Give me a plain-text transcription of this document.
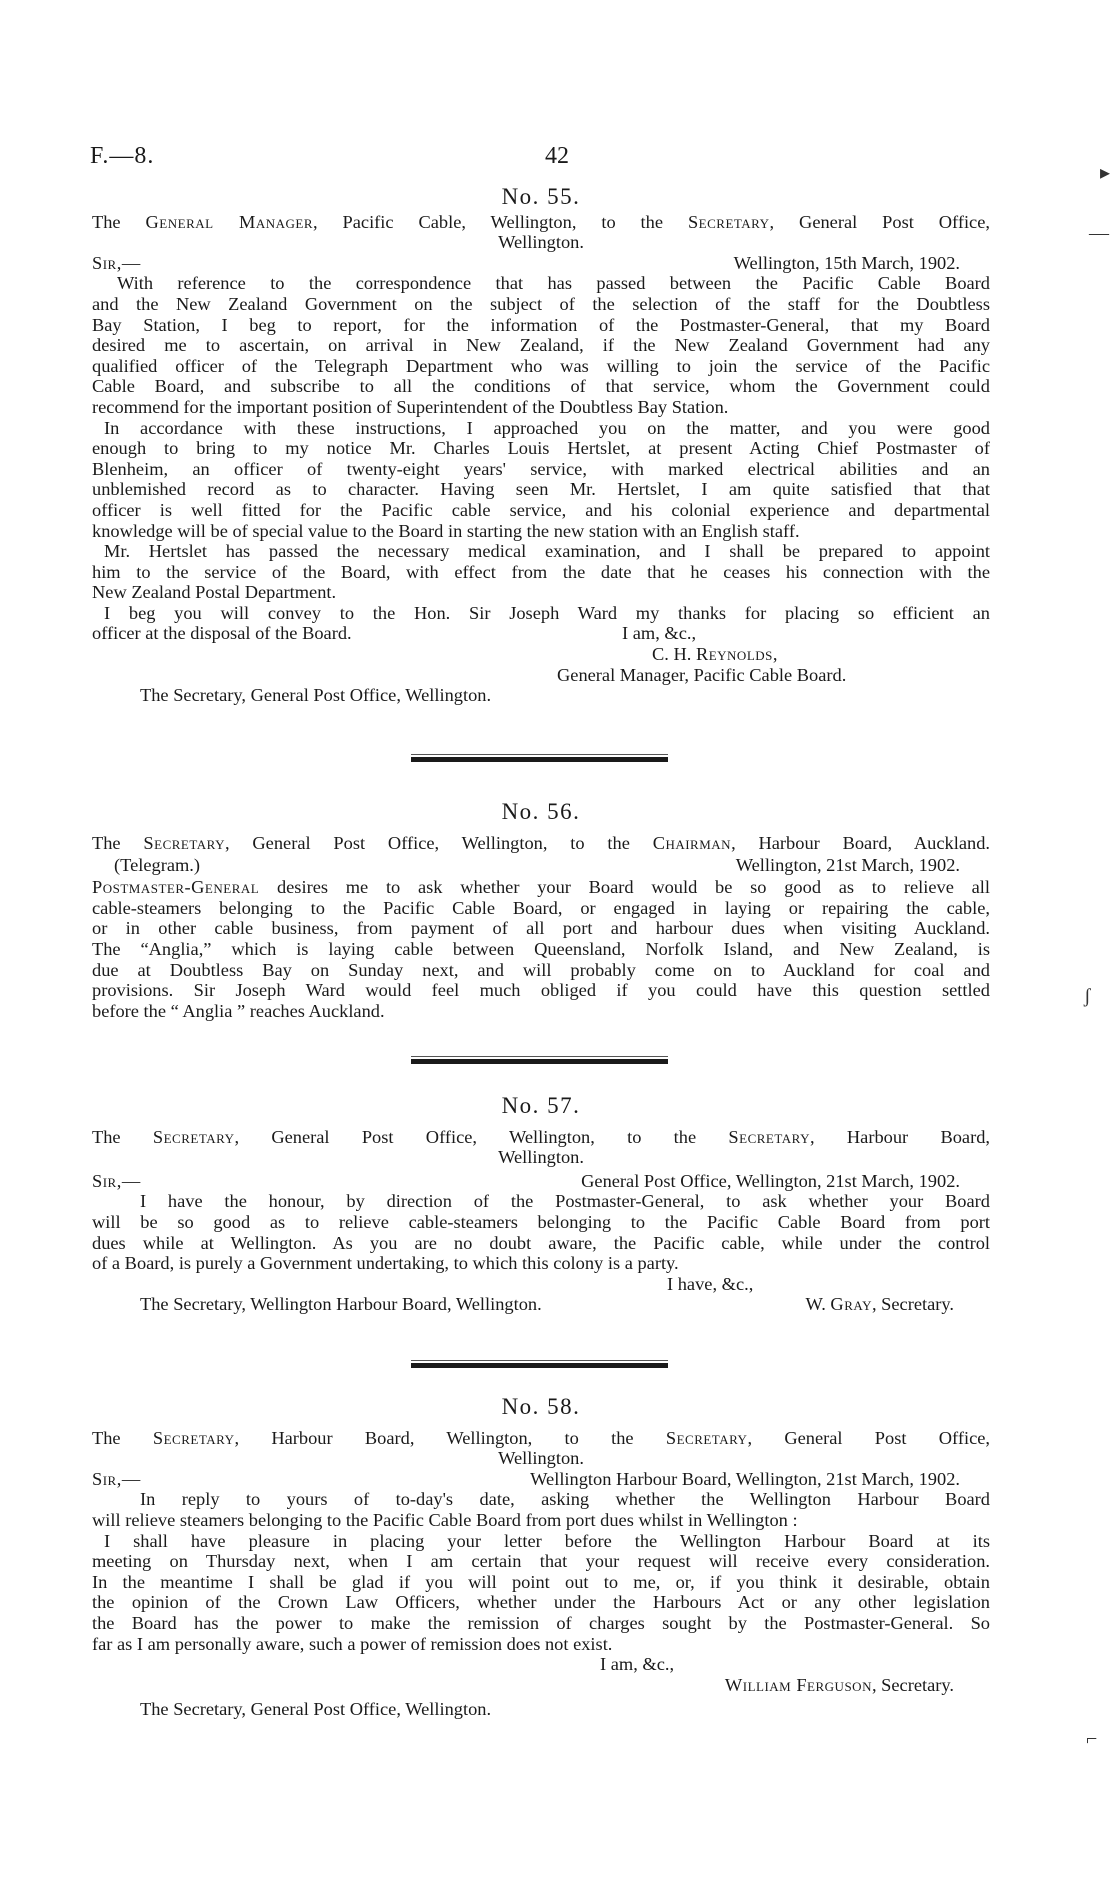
F.—8.	42
▸
—
ʃ
⌐
No. 55.
The General Manager, Pacific Cable, Wellington, to the Secretary, General Post Office,
Wellington.
Sir,—	Wellington, 15th March, 1902.
With reference to the correspondence that has passed between the Pacific Cable Board
and the New Zealand Government on the subject of the selection of the staff for the Doubtless
Bay Station, I beg to report, for the information of the Postmaster-General, that my Board
desired me to ascertain, on arrival in New Zealand, if the New Zealand Government had any
qualified officer of the Telegraph Department who was willing to join the service of the Pacific
Cable Board, and subscribe to all the conditions of that service, whom the Government could
recommend for the important position of Superintendent of the Doubtless Bay Station.
In accordance with these instructions, I approached you on the matter, and you were good
enough to bring to my notice Mr. Charles Louis Hertslet, at present Acting Chief Postmaster of
Blenheim, an officer of twenty-eight years' service, with marked electrical abilities and an
unblemished record as to character. Having seen Mr. Hertslet, I am quite satisfied that that
officer is well fitted for the Pacific cable service, and his colonial experience and departmental
knowledge will be of special value to the Board in starting the new station with an English staff.
Mr. Hertslet has passed the necessary medical examination, and I shall be prepared to appoint
him to the service of the Board, with effect from the date that he ceases his connection with the
New Zealand Postal Department.
I beg you will convey to the Hon. Sir Joseph Ward my thanks for placing so efficient an
officer at the disposal of the Board.	I am, &c.,
C. H. Reynolds,
General Manager, Pacific Cable Board.
The Secretary, General Post Office, Wellington.
No. 56.
The Secretary, General Post Office, Wellington, to the Chairman, Harbour Board, Auckland.
(Telegram.)	Wellington, 21st March, 1902.
Postmaster-General desires me to ask whether your Board would be so good as to relieve all
cable-steamers belonging to the Pacific Cable Board, or engaged in laying or repairing the cable,
or in other cable business, from payment of all port and harbour dues when visiting Auckland.
The “Anglia,” which is laying cable between Queensland, Norfolk Island, and New Zealand, is
due at Doubtless Bay on Sunday next, and will probably come on to Auckland for coal and
provisions. Sir Joseph Ward would feel much obliged if you could have this question settled
before the “ Anglia ” reaches Auckland.
No. 57.
The Secretary, General Post Office, Wellington, to the Secretary, Harbour Board,
Wellington.
Sir,—	General Post Office, Wellington, 21st March, 1902.
I have the honour, by direction of the Postmaster-General, to ask whether your Board
will be so good as to relieve cable-steamers belonging to the Pacific Cable Board from port
dues while at Wellington. As you are no doubt aware, the Pacific cable, while under the control
of a Board, is purely a Government undertaking, to which this colony is a party.
I have, &c.,
The Secretary, Wellington Harbour Board, Wellington.	W. Gray, Secretary.
No. 58.
The Secretary, Harbour Board, Wellington, to the Secretary, General Post Office,
Wellington.
Sir,—	Wellington Harbour Board, Wellington, 21st March, 1902.
In reply to yours of to-day's date, asking whether the Wellington Harbour Board
will relieve steamers belonging to the Pacific Cable Board from port dues whilst in Wellington :
I shall have pleasure in placing your letter before the Wellington Harbour Board at its
meeting on Thursday next, when I am certain that your request will receive every consideration.
In the meantime I shall be glad if you will point out to me, or, if you think it desirable, obtain
the opinion of the Crown Law Officers, whether under the Harbours Act or any other legislation
the Board has the power to make the remission of charges sought by the Postmaster-General. So
far as I am personally aware, such a power of remission does not exist.
I am, &c.,
William Ferguson, Secretary.
The Secretary, General Post Office, Wellington.
